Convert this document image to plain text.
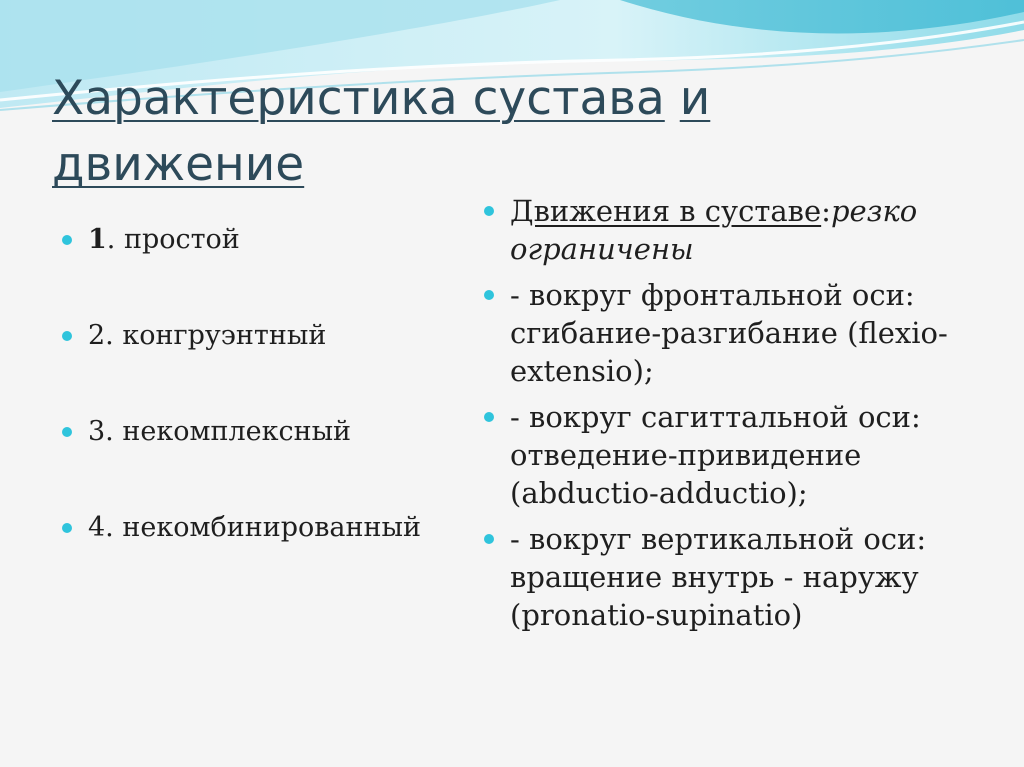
Характеристика сустава и
движение
1. простой
2. конгруэнтный
3. некомплексный
4. некомбинированный
Движения в суставе:резко ограничены
- вокруг фронтальной оси: сгибание-разгибание (flexio-extensio);
- вокруг сагиттальной оси: отведение-привидение (abductio-adductio);
- вокруг вертикальной оси: вращение внутрь - наружу (pronatio-supinatio)
